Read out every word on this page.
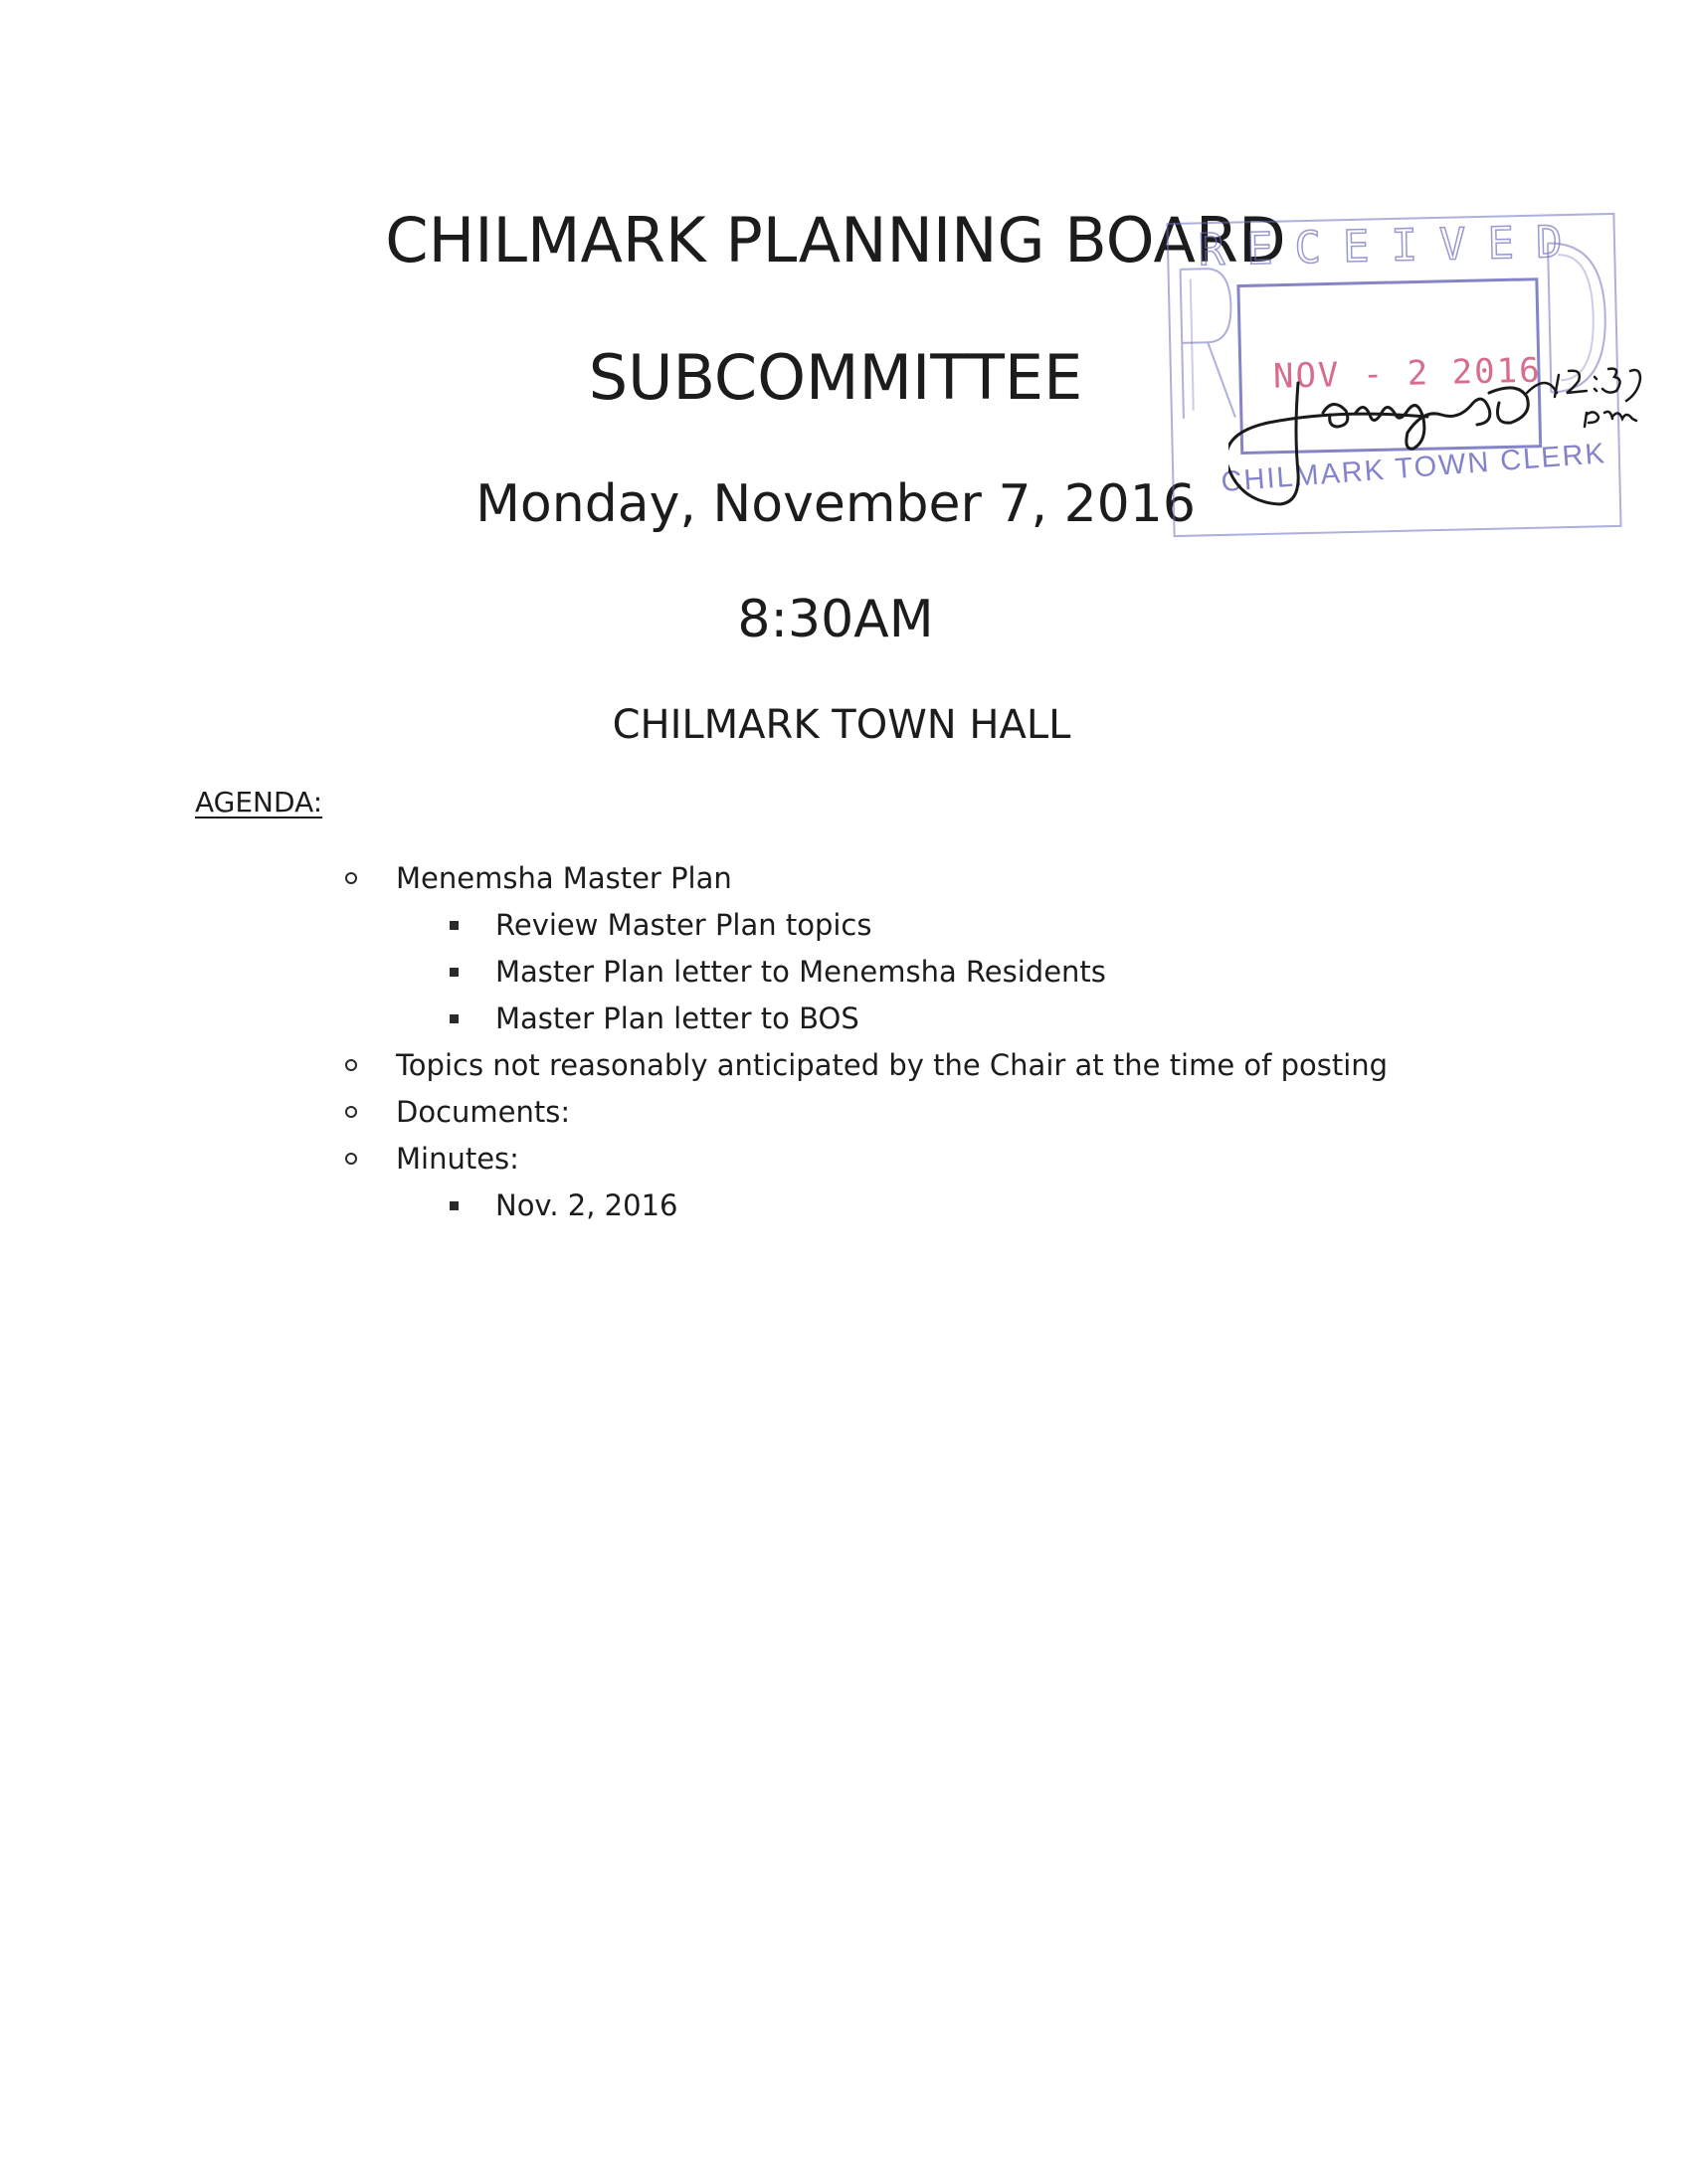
CHILMARK PLANNING BOARD
SUBCOMMITTEE
Monday, November 7, 2016
8:30AM
CHILMARK TOWN HALL
AGENDA:
Menemsha Master Plan
Review Master Plan topics
Master Plan letter to Menemsha Residents
Master Plan letter to BOS
Topics not reasonably anticipated by the Chair at the time of posting
Documents:
Minutes:
Nov. 2, 2016
RECEIVED
NOV - 2 2016
CHILMARK TOWN CLERK
